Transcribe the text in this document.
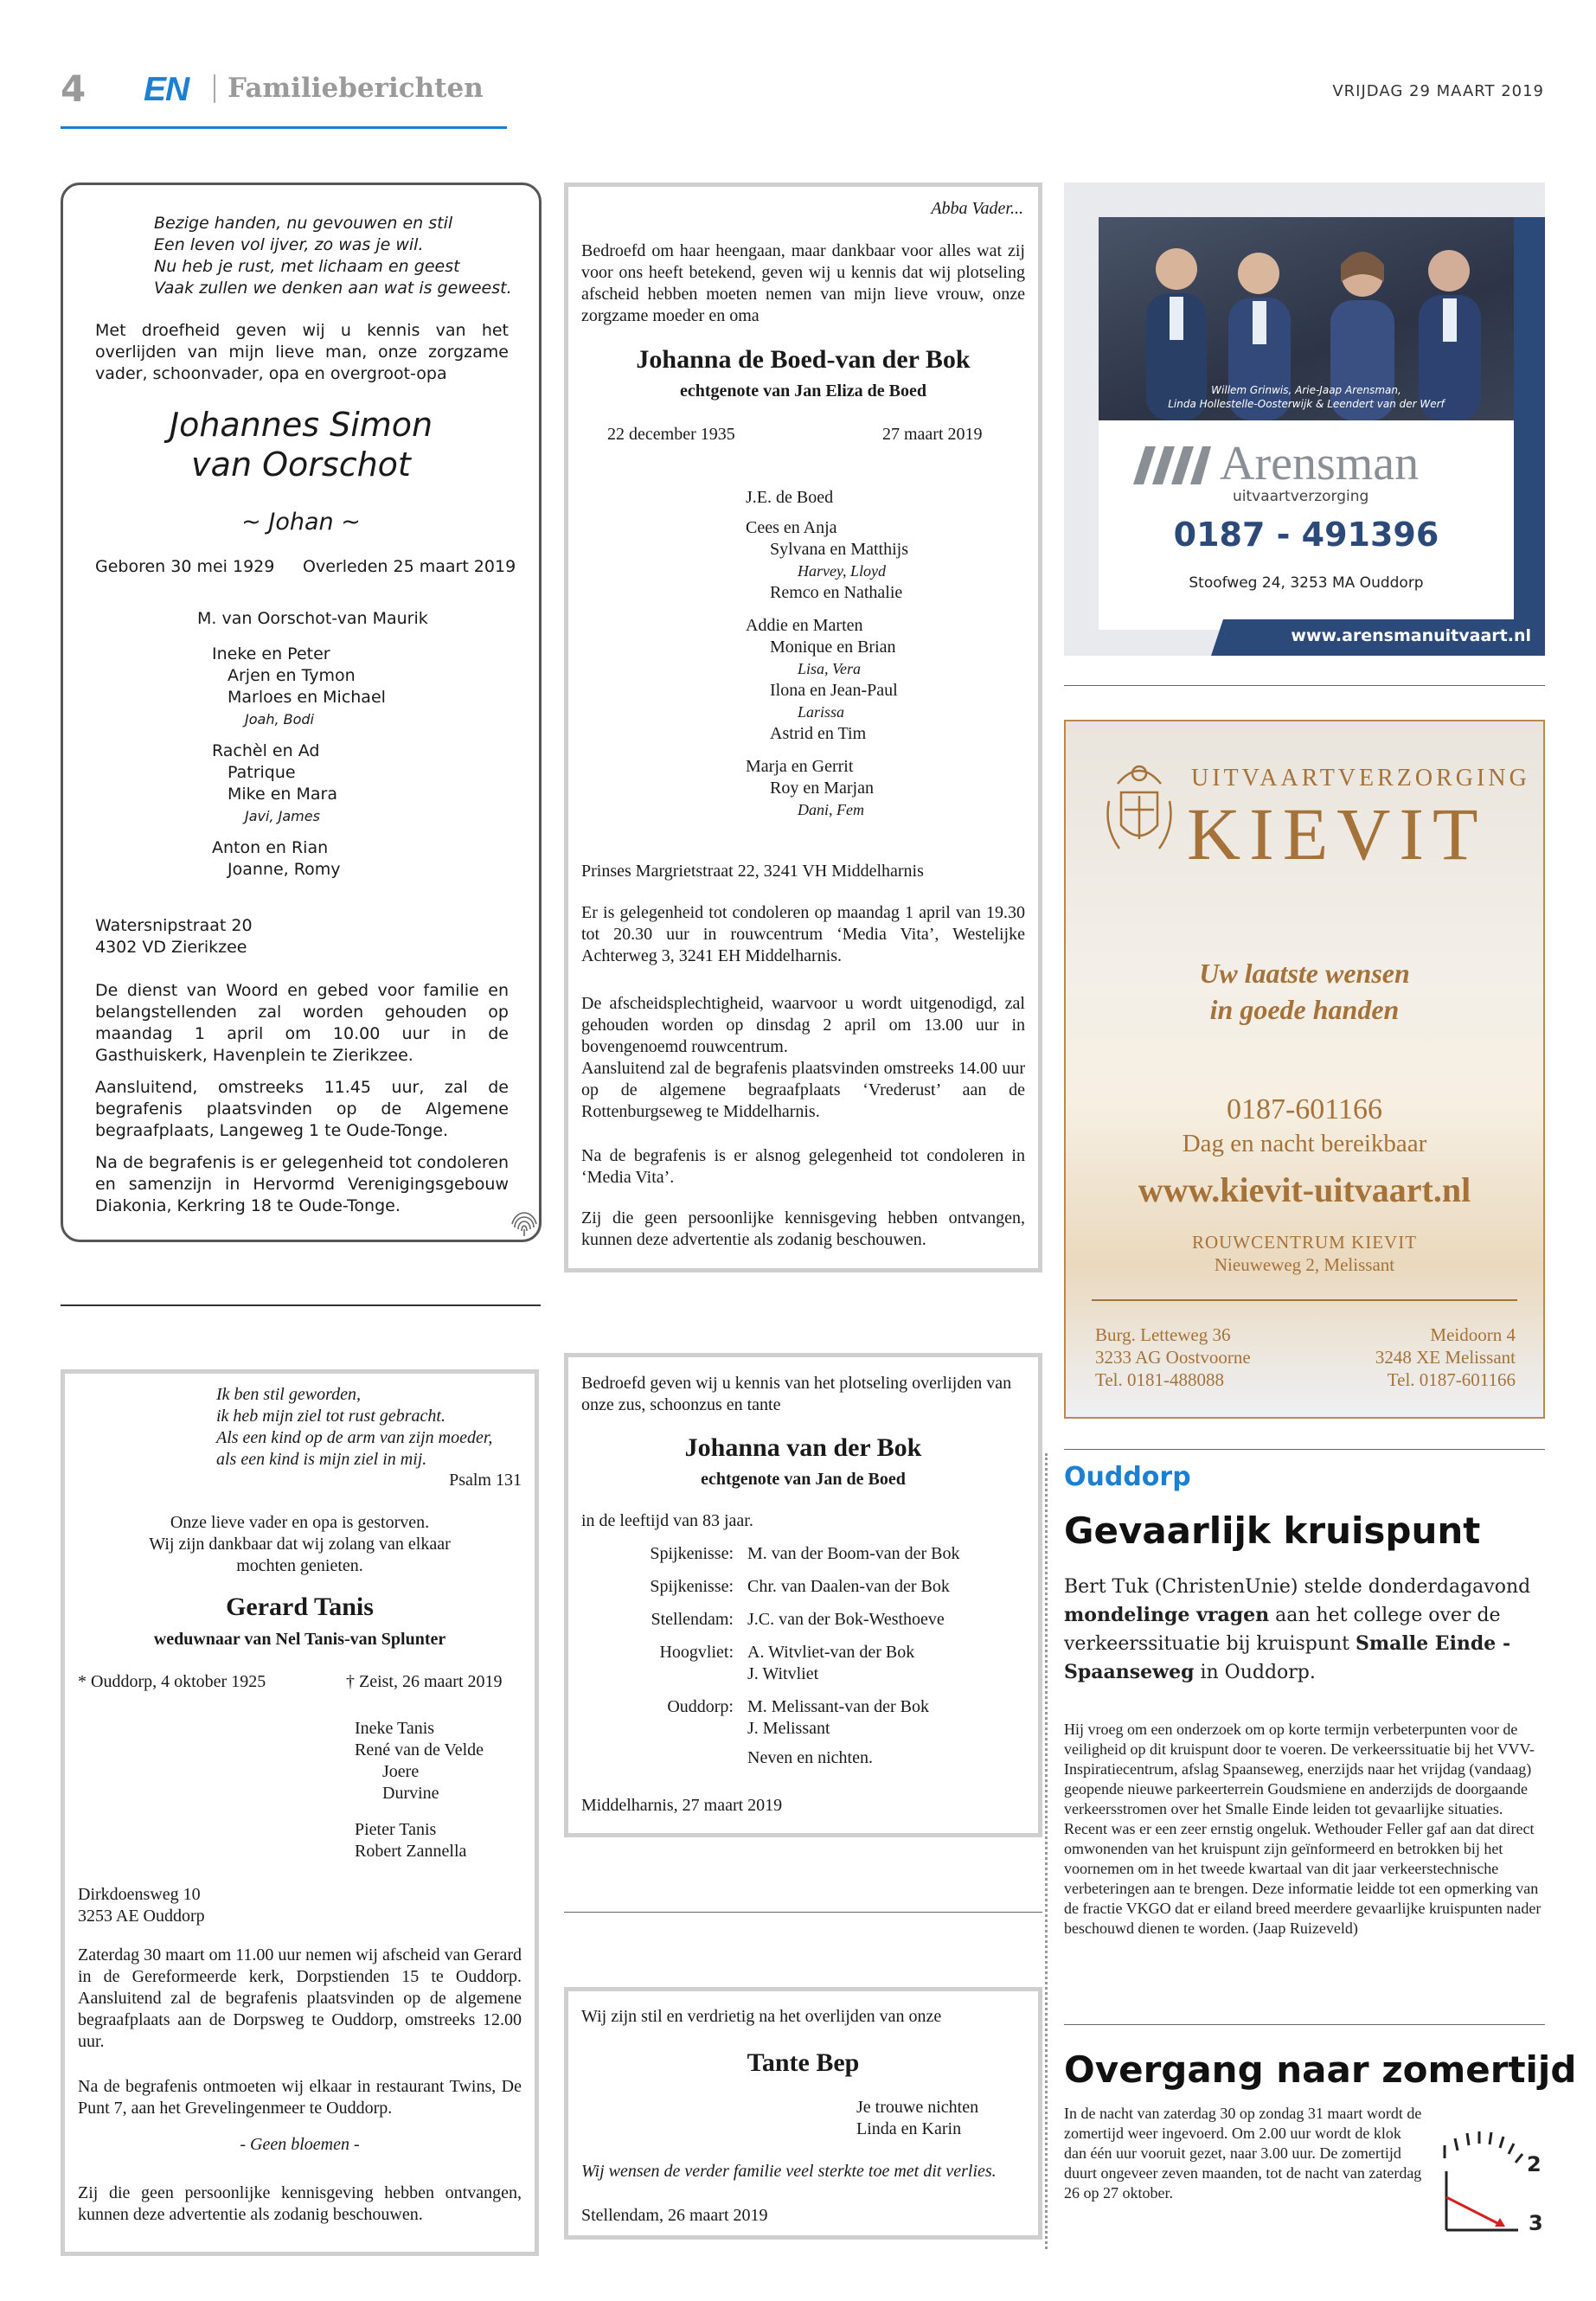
4 EN Familieberichten	VRIJDAG 29 MAART 2019
Bezige handen, nu gevouwen en stil
Een leven vol ijver, zo was je wil.
Nu heb je rust, met lichaam en geest
Vaak zullen we denken aan wat is geweest.
Met droefheid geven wij u kennis van het overlijden van mijn lieve man, onze zorgzame vader, schoonvader, opa en overgroot-opa
Johannes Simon
van Oorschot
~ Johan ~
Geboren 30 mei 1929 Overleden 25 maart 2019
M. van Oorschot-van Maurik
Ineke en Peter
Arjen en Tymon
Marloes en Michael
Joah, Bodi
Rachèl en Ad
Patrique
Mike en Mara
Javi, James
Anton en Rian
Joanne, Romy
Watersnipstraat 20
4302 VD Zierikzee
De dienst van Woord en gebed voor familie en belangstellenden zal worden gehouden op maandag 1 april om 10.00 uur in de Gasthuiskerk, Havenplein te Zierikzee.
Aansluitend, omstreeks 11.45 uur, zal de begrafenis plaatsvinden op de Algemene begraafplaats, Langeweg 1 te Oude-Tonge.
Na de begrafenis is er gelegenheid tot condoleren en samenzijn in Hervormd Verenigingsgebouw Diakonia, Kerkring 18 te Oude-Tonge.
Abba Vader...
Bedroefd om haar heengaan, maar dankbaar voor alles wat zij voor ons heeft betekend, geven wij u kennis dat wij plotseling afscheid hebben moeten nemen van mijn lieve vrouw, onze zorgzame moeder en oma
Johanna de Boed-van der Bok
echtgenote van Jan Eliza de Boed
22 december 1935	27 maart 2019
J.E. de Boed
Cees en Anja
Sylvana en Matthijs
Harvey, Lloyd
Remco en Nathalie
Addie en Marten
Monique en Brian
Lisa, Vera
Ilona en Jean-Paul
Larissa
Astrid en Tim
Marja en Gerrit
Roy en Marjan
Dani, Fem
Prinses Margrietstraat 22, 3241 VH Middelharnis
Er is gelegenheid tot condoleren op maandag 1 april van 19.30 tot 20.30 uur in rouwcentrum ‘Media Vita’, Westelijke Achterweg 3, 3241 EH Middelharnis.
De afscheidsplechtigheid, waarvoor u wordt uitgenodigd, zal gehouden worden op dinsdag 2 april om 13.00 uur in bovengenoemd rouwcentrum.
Aansluitend zal de begrafenis plaatsvinden omstreeks 14.00 uur op de algemene begraafplaats ‘Vrederust’ aan de Rottenburgseweg te Middelharnis.
Na de begrafenis is er alsnog gelegenheid tot condoleren in ‘Media Vita’.
Zij die geen persoonlijke kennisgeving hebben ontvangen, kunnen deze advertentie als zodanig beschouwen.
Ik ben stil geworden,
ik heb mijn ziel tot rust gebracht.
Als een kind op de arm van zijn moeder,
als een kind is mijn ziel in mij.
Psalm 131
Onze lieve vader en opa is gestorven.
Wij zijn dankbaar dat wij zolang van elkaar
mochten genieten.
Gerard Tanis
weduwnaar van Nel Tanis-van Splunter
* Ouddorp, 4 oktober 1925	† Zeist, 26 maart 2019
Ineke Tanis
René van de Velde
Joere
Durvine
Pieter Tanis
Robert Zannella
Dirkdoensweg 10
3253 AE Ouddorp
Zaterdag 30 maart om 11.00 uur nemen wij afscheid van Gerard in de Gereformeerde kerk, Dorpstienden 15 te Ouddorp. Aansluitend zal de begrafenis plaatsvinden op de algemene begraafplaats aan de Dorpsweg te Ouddorp, omstreeks 12.00 uur.
Na de begrafenis ontmoeten wij elkaar in restaurant Twins, De Punt 7, aan het Grevelingenmeer te Ouddorp.
- Geen bloemen -
Zij die geen persoonlijke kennisgeving hebben ontvangen, kunnen deze advertentie als zodanig beschouwen.
Bedroefd geven wij u kennis van het plotseling overlijden van onze zus, schoonzus en tante
Johanna van der Bok
echtgenote van Jan de Boed
in de leeftijd van 83 jaar.
Spijkenisse: M. van der Boom-van der Bok
Spijkenisse: Chr. van Daalen-van der Bok
Stellendam: J.C. van der Bok-Westhoeve
Hoogvliet: A. Witvliet-van der Bok
J. Witvliet
Ouddorp: M. Melissant-van der Bok
J. Melissant
Neven en nichten.
Middelharnis, 27 maart 2019
Wij zijn stil en verdrietig na het overlijden van onze
Tante Bep
Je trouwe nichten
Linda en Karin
Wij wensen de verder familie veel sterkte toe met dit verlies.
Stellendam, 26 maart 2019
Willem Grinwis, Arie-Jaap Arensman,
Linda Hollestelle-Oosterwijk & Leendert van der Werf
Arensman
uitvaartverzorging
0187 - 491396
Stoofweg 24, 3253 MA Ouddorp
www.arensmanuitvaart.nl
UITVAARTVERZORGING
KIEVIT
Uw laatste wensen
in goede handen
0187-601166
Dag en nacht bereikbaar
www.kievit-uitvaart.nl
ROUWCENTRUM KIEVIT
Nieuweweg 2, Melissant
Burg. Letteweg 36
3233 AG Oostvoorne
Tel. 0181-488088
Meidoorn 4
3248 XE Melissant
Tel. 0187-601166
Ouddorp
Gevaarlijk kruispunt
Bert Tuk (ChristenUnie) stelde donderdagavond mondelinge vragen aan het college over de verkeerssituatie bij kruispunt Smalle Einde - Spaanseweg in Ouddorp.
Hij vroeg om een onderzoek om op korte termijn verbeterpunten voor de veiligheid op dit kruispunt door te voeren. De verkeerssituatie bij het VVV-Inspiratiecentrum, afslag Spaanseweg, enerzijds naar het vrijdag (vandaag) geopende nieuwe parkeerterrein Goudsmiene en anderzijds de doorgaande verkeersstromen over het Smalle Einde leiden tot gevaarlijke situaties. Recent was er een zeer ernstig ongeluk. Wethouder Feller gaf aan dat direct omwonenden van het kruispunt zijn geïnformeerd en betrokken bij het voornemen om in het tweede kwartaal van dit jaar verkeerstechnische verbeteringen aan te brengen. Deze informatie leidde tot een opmerking van de fractie VKGO dat er eiland breed meerdere gevaarlijke kruispunten nader beschouwd dienen te worden. (Jaap Ruizeveld)
Overgang naar zomertijd
In de nacht van zaterdag 30 op zondag 31 maart wordt de zomertijd weer ingevoerd. Om 2.00 uur wordt de klok dan één uur vooruit gezet, naar 3.00 uur. De zomertijd duurt ongeveer zeven maanden, tot de nacht van zaterdag 26 op 27 oktober.
2
3
